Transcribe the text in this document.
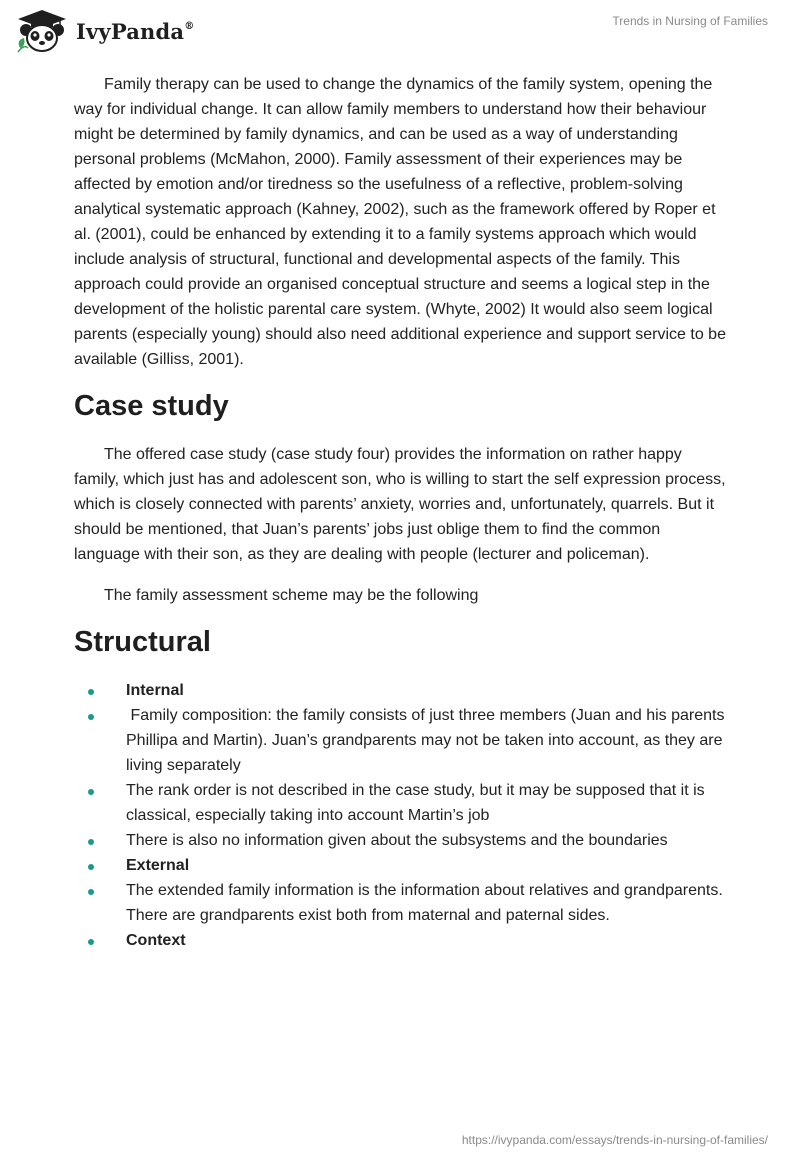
IvyPanda®	Trends in Nursing of Families

Family therapy can be used to change the dynamics of the family system, opening the way for individual change. It can allow family members to understand how their behaviour might be determined by family dynamics, and can be used as a way of understanding personal problems (McMahon, 2000). Family assessment of their experiences may be affected by emotion and/or tiredness so the usefulness of a reflective, problem-solving analytical systematic approach (Kahney, 2002), such as the framework offered by Roper et al. (2001), could be enhanced by extending it to a family systems approach which would include analysis of structural, functional and developmental aspects of the family. This approach could provide an organised conceptual structure and seems a logical step in the development of the holistic parental care system. (Whyte, 2002) It would also seem logical parents (especially young) should also need additional experience and support service to be available (Gilliss, 2001).

Case study

The offered case study (case study four) provides the information on rather happy family, which just has and adolescent son, who is willing to start the self expression process, which is closely connected with parents’ anxiety, worries and, unfortunately, quarrels. But it should be mentioned, that Juan’s parents’ jobs just oblige them to find the common language with their son, as they are dealing with people (lecturer and policeman).

The family assessment scheme may be the following

Structural
Internal
Family composition: the family consists of just three members (Juan and his parents Phillipa and Martin). Juan’s grandparents may not be taken into account, as they are living separately
The rank order is not described in the case study, but it may be supposed that it is classical, especially taking into account Martin’s job
There is also no information given about the subsystems and the boundaries
External
The extended family information is the information about relatives and grandparents. There are grandparents exist both from maternal and paternal sides.
Context
https://ivypanda.com/essays/trends-in-nursing-of-families/
